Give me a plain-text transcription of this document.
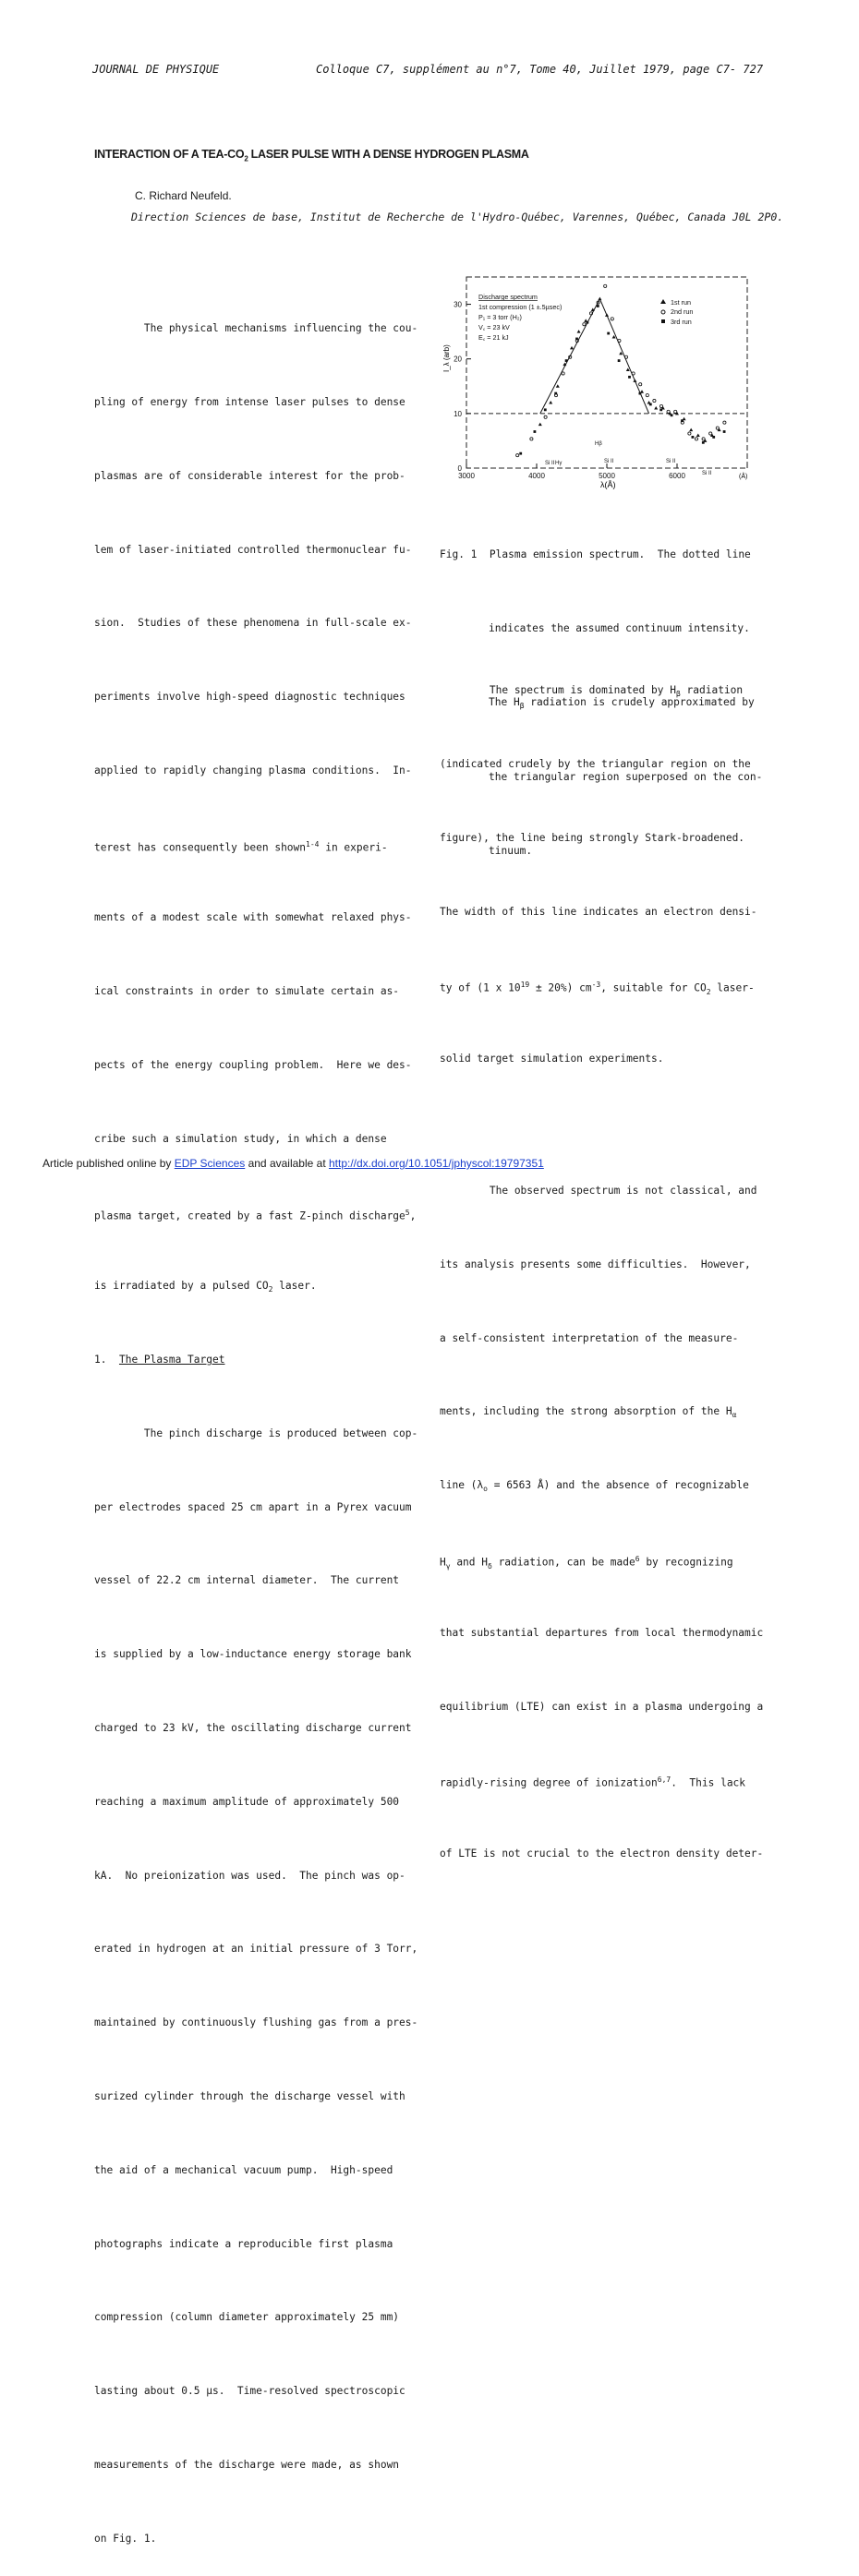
JOURNAL DE PHYSIQUE	Colloque C7, supplément au n°7, Tome 40, Juillet 1979, page C7- 727
INTERACTION OF A TEA-$CO_2$ LASER PULSE WITH A DENSE HYDROGEN PLASMA
C. Richard Neufeld.
Direction Sciences de base, Institut de Recherche de l'Hydro-Québec, Varennes, Québec, Canada J0L 2P0.

The physical mechanisms influencing the cou-

pling of energy from intense laser pulses to dense

plasmas are of considerable interest for the prob-

lem of laser-initiated controlled thermonuclear fu-

sion.  Studies of these phenomena in full-scale ex-

periments involve high-speed diagnostic techniques

applied to rapidly changing plasma conditions.  In-

terest has consequently been shown$^{1-4}$ in experi-

ments of a modest scale with somewhat relaxed phys-

ical constraints in order to simulate certain as-

pects of the energy coupling problem.  Here we des-

cribe such a simulation study, in which a dense

plasma target, created by a fast Z-pinch discharge$^5$,

is irradiated by a pulsed $CO_2$ laser.

1. The Plasma Target

The pinch discharge is produced between cop-

per electrodes spaced 25 cm apart in a Pyrex vacuum

vessel of 22.2 cm internal diameter.  The current

is supplied by a low-inductance energy storage bank

charged to 23 kV, the oscillating discharge current

reaching a maximum amplitude of approximately 500

kA.  No preionization was used.  The pinch was op-

erated in hydrogen at an initial pressure of 3 Torr,

maintained by continuously flushing gas from a pres-

surized cylinder through the discharge vessel with

the aid of a mechanical vacuum pump.  High-speed

photographs indicate a reproducible first plasma

compression (column diameter approximately 25 mm)

lasting about 0.5 µs.  Time-resolved spectroscopic

measurements of the discharge were made, as shown

on Fig. 1.

Discharge spectrum
1st compression (1 ±.5µsec)
P₁ = 3 torr (H₂)
V꜀ = 23 kV
E꜀ = 21 kJ
1st run
2nd run
3rd run
I_λ (arb)
λ(Å)
(Å)
3000	4000	5000	6000
0
10
20
30
Hγ
Hβ
Si II	Si II	Si II
Si II

Fig. 1 Plasma emission spectrum.  The dotted line

indicates the assumed continuum intensity.

The $H_\beta$ radiation is crudely approximated by

the triangular region superposed on the con-

tinuum.

The spectrum is dominated by $H_\beta$ radiation

(indicated crudely by the triangular region on the

figure), the line being strongly Stark-broadened.

The width of this line indicates an electron densi-

ty of (1 x $10^{19} \pm 20\%$) $cm^{-3}$, suitable for $CO_2$ laser-

solid target simulation experiments.

The observed spectrum is not classical, and

its analysis presents some difficulties.  However,

a self-consistent interpretation of the measure-

ments, including the strong absorption of the $H_\alpha$

line ($\lambda_o = 6563$ Å) and the absence of recognizable

$H_\gamma$ and $H_\delta$ radiation, can be made$^6$ by recognizing

that substantial departures from local thermodynamic

equilibrium (LTE) can exist in a plasma undergoing a

rapidly-rising degree of ionization$^{6,7}$.  This lack

of LTE is not crucial to the electron density deter-

Article published online by EDP Sciences and available at http://dx.doi.org/10.1051/jphyscol:19797351
